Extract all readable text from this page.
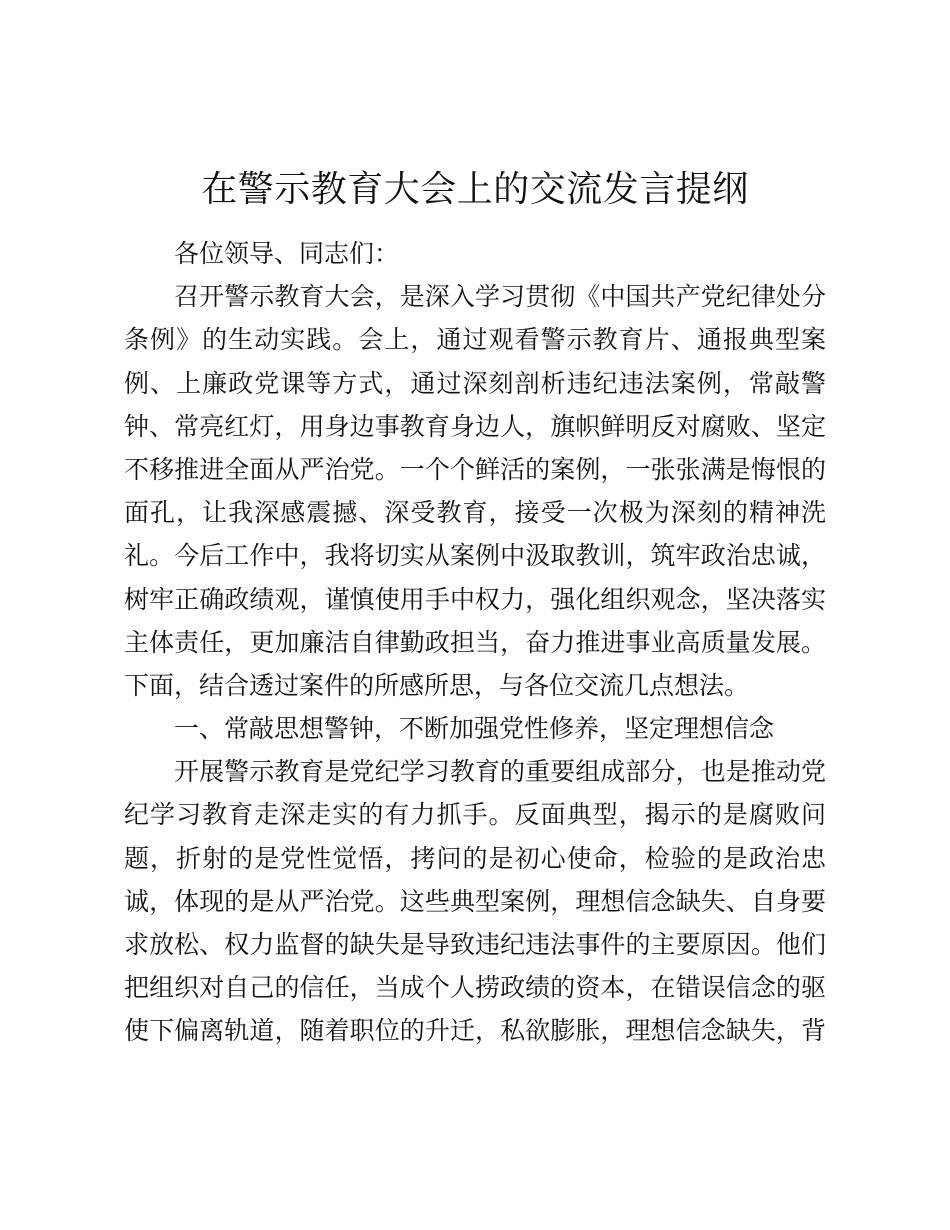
在警示教育大会上的交流发言提纲

各位领导、同志们：

召开警示教育大会，是深入学习贯彻《中国共产党纪律处分

条例》的生动实践。会上，通过观看警示教育片、通报典型案

例、上廉政党课等方式，通过深刻剖析违纪违法案例，常敲警

钟、常亮红灯，用身边事教育身边人，旗帜鲜明反对腐败、坚定

不移推进全面从严治党。一个个鲜活的案例，一张张满是悔恨的

面孔，让我深感震撼、深受教育，接受一次极为深刻的精神洗

礼。今后工作中，我将切实从案例中汲取教训，筑牢政治忠诚，

树牢正确政绩观，谨慎使用手中权力，强化组织观念，坚决落实

主体责任，更加廉洁自律勤政担当，奋力推进事业高质量发展。

下面，结合透过案件的所感所思，与各位交流几点想法。

一、常敲思想警钟，不断加强党性修养，坚定理想信念

开展警示教育是党纪学习教育的重要组成部分，也是推动党

纪学习教育走深走实的有力抓手。反面典型，揭示的是腐败问

题，折射的是党性觉悟，拷问的是初心使命，检验的是政治忠

诚，体现的是从严治党。这些典型案例，理想信念缺失、自身要

求放松、权力监督的缺失是导致违纪违法事件的主要原因。他们

把组织对自己的信任，当成个人捞政绩的资本，在错误信念的驱

使下偏离轨道，随着职位的升迁，私欲膨胀，理想信念缺失，背
